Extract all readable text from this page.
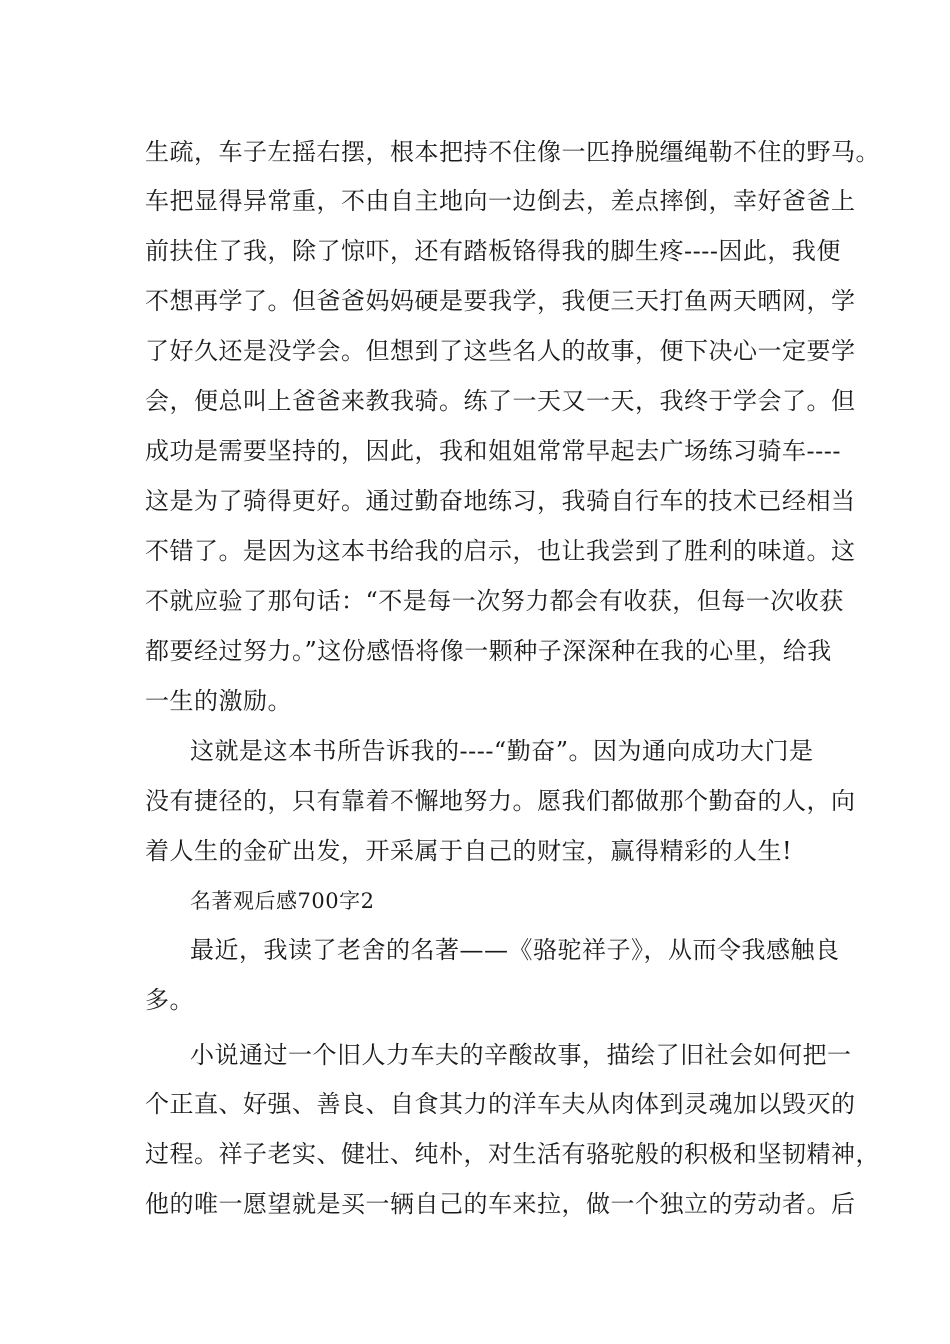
生疏，车子左摇右摆，根本把持不住像一匹挣脱缰绳勒不住的野马。
车把显得异常重，不由自主地向一边倒去，差点摔倒，幸好爸爸上
前扶住了我，除了惊吓，还有踏板铬得我的脚生疼----因此，我便
不想再学了。但爸爸妈妈硬是要我学，我便三天打鱼两天晒网，学
了好久还是没学会。但想到了这些名人的故事，便下决心一定要学
会，便总叫上爸爸来教我骑。练了一天又一天，我终于学会了。但
成功是需要坚持的，因此，我和姐姐常常早起去广场练习骑车----
这是为了骑得更好。通过勤奋地练习，我骑自行车的技术已经相当
不错了。是因为这本书给我的启示，也让我尝到了胜利的味道。这
不就应验了那句话：“不是每一次努力都会有收获，但每一次收获
都要经过努力。”这份感悟将像一颗种子深深种在我的心里，给我
一生的激励。
这就是这本书所告诉我的----“勤奋”。因为通向成功大门是
没有捷径的，只有靠着不懈地努力。愿我们都做那个勤奋的人，向
着人生的金矿出发，开采属于自己的财宝，赢得精彩的人生!
名著观后感700字2
最近，我读了老舍的名著——《骆驼祥子》，从而令我感触良
多。
小说通过一个旧人力车夫的辛酸故事，描绘了旧社会如何把一
个正直、好强、善良、自食其力的洋车夫从肉体到灵魂加以毁灭的
过程。祥子老实、健壮、纯朴，对生活有骆驼般的积极和坚韧精神，
他的唯一愿望就是买一辆自己的车来拉，做一个独立的劳动者。后
